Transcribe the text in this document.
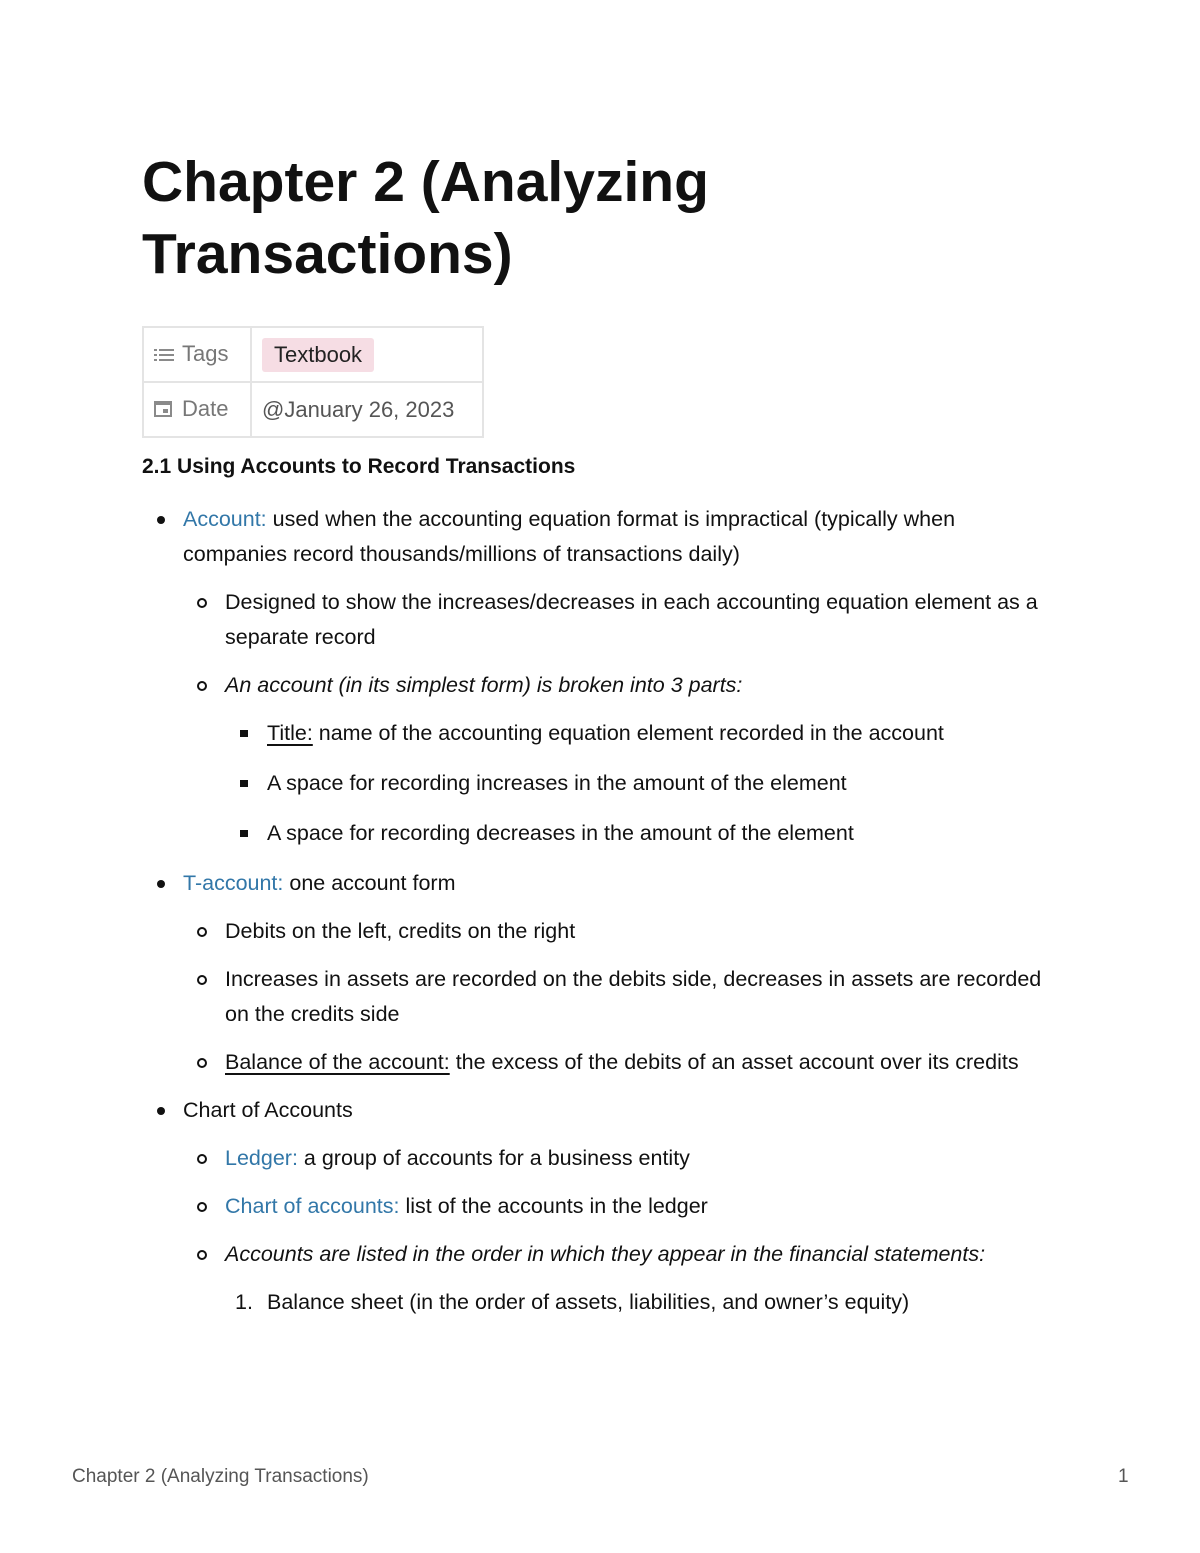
Chapter 2 (Analyzing Transactions)
Tags	Textbook
Date	@January 26, 2023
2.1 Using Accounts to Record Transactions
Account: used when the accounting equation format is impractical (typically when companies record thousands/millions of transactions daily)
Designed to show the increases/decreases in each accounting equation element as a separate record
An account (in its simplest form) is broken into 3 parts:
Title: name of the accounting equation element recorded in the account
A space for recording increases in the amount of the element
A space for recording decreases in the amount of the element
T-account: one account form
Debits on the left, credits on the right
Increases in assets are recorded on the debits side, decreases in assets are recorded on the credits side
Balance of the account: the excess of the debits of an asset account over its credits
Chart of Accounts
Ledger: a group of accounts for a business entity
Chart of accounts: list of the accounts in the ledger
Accounts are listed in the order in which they appear in the financial statements:
1. Balance sheet (in the order of assets, liabilities, and owner’s equity)
Chapter 2 (Analyzing Transactions)	1
